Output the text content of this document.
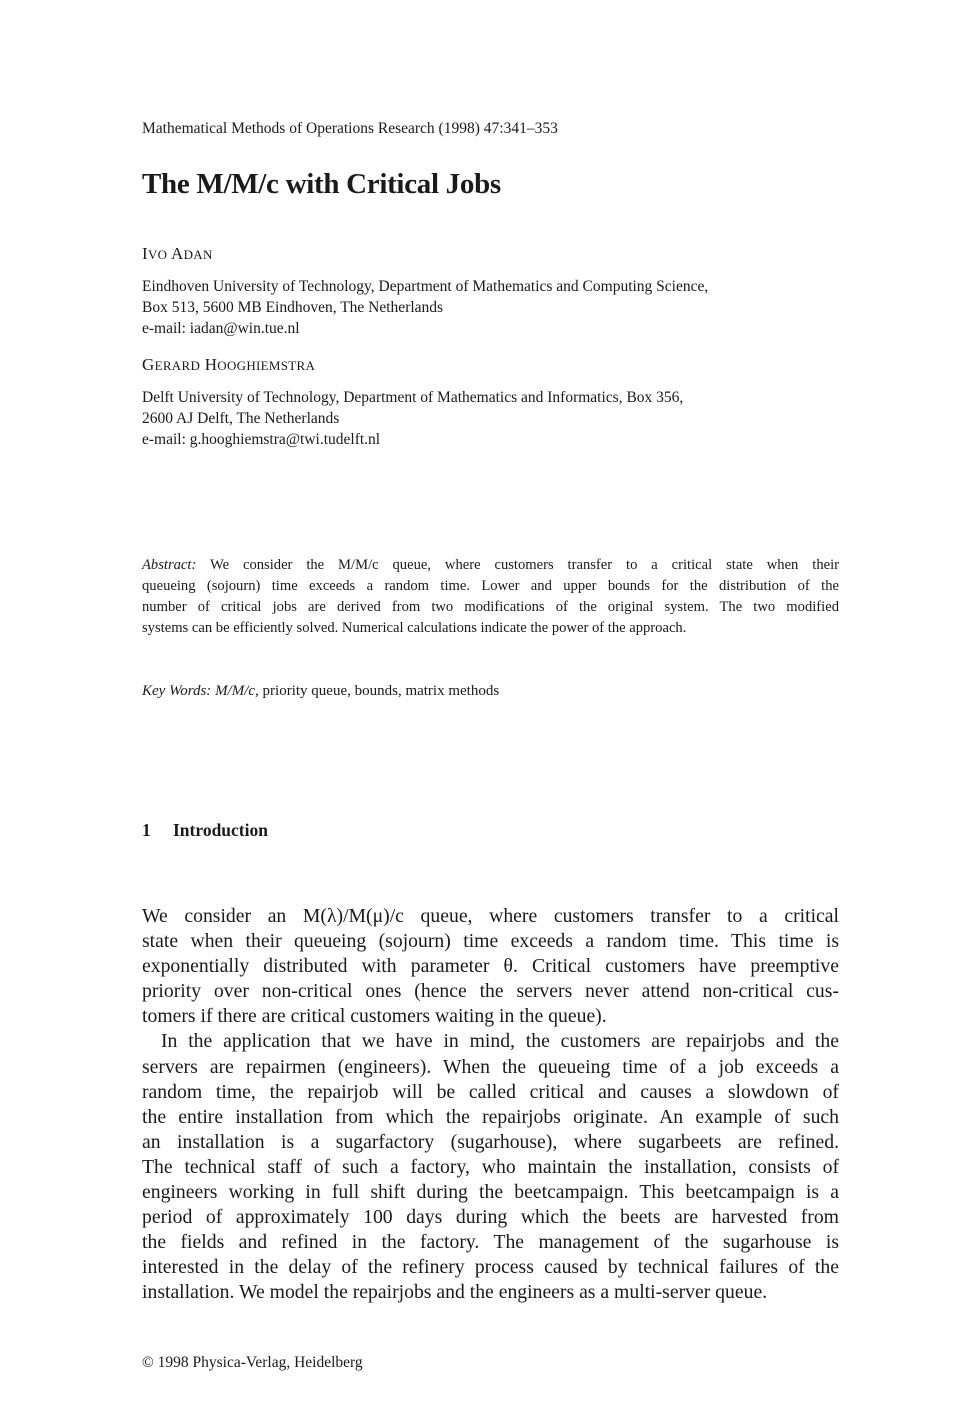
Mathematical Methods of Operations Research (1998) 47:341–353
The M/M/c with Critical Jobs
IVO ADAN
Eindhoven University of Technology, Department of Mathematics and Computing Science,
Box 513, 5600 MB Eindhoven, The Netherlands
e-mail: iadan@win.tue.nl
GERARD HOOGHIEMSTRA
Delft University of Technology, Department of Mathematics and Informatics, Box 356,
2600 AJ Delft, The Netherlands
e-mail: g.hooghiemstra@twi.tudelft.nl
Abstract: We consider the M/M/c queue, where customers transfer to a critical state when their
queueing (sojourn) time exceeds a random time. Lower and upper bounds for the distribution of the
number of critical jobs are derived from two modifications of the original system. The two modified
systems can be efficiently solved. Numerical calculations indicate the power of the approach.
Key Words: M/M/c, priority queue, bounds, matrix methods
1 Introduction
We consider an M(λ)/M(μ)/c queue, where customers transfer to a critical
state when their queueing (sojourn) time exceeds a random time. This time is
exponentially distributed with parameter θ. Critical customers have preemptive
priority over non-critical ones (hence the servers never attend non-critical cus-
tomers if there are critical customers waiting in the queue).
In the application that we have in mind, the customers are repairjobs and the
servers are repairmen (engineers). When the queueing time of a job exceeds a
random time, the repairjob will be called critical and causes a slowdown of
the entire installation from which the repairjobs originate. An example of such
an installation is a sugarfactory (sugarhouse), where sugarbeets are refined.
The technical staff of such a factory, who maintain the installation, consists of
engineers working in full shift during the beetcampaign. This beetcampaign is a
period of approximately 100 days during which the beets are harvested from
the fields and refined in the factory. The management of the sugarhouse is
interested in the delay of the refinery process caused by technical failures of the
installation. We model the repairjobs and the engineers as a multi-server queue.
© 1998 Physica-Verlag, Heidelberg
